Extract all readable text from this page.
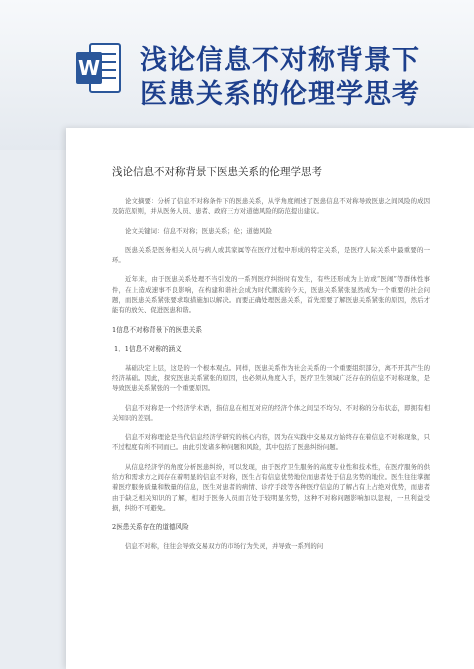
W 浅论信息不对称背景下
医患关系的伦理学思考
浅论信息不对称背景下医患关系的伦理学思考

论文摘要：分析了信息不对称条件下的医患关系，从学角度阐述了医患信息不对称导致医患之间风险的成因及防范原则，并从医务人员、患者、政府三方对道德风险的防范提出建议。

论文关键词：信息不对称；医患关系；伦；道德风险

医患关系是医务相关人员与病人或其家属等在医疗过程中形成的特定关系，是医疗人际关系中最重要的一环。

近年来，由于医患关系处理不当引发的一系列医疗纠纷时有发生，有些还形成为上访或“医闹”等群体性事件，在上造成速事不良影响，在构建和谐社会成为时代潮流的今天，医患关系紧张显然成为一个重要的社会问题，而医患关系紧张要求取措施加以解决。而要正确处理医患关系，首先需要了解医患关系紧张的原因，然后才能有的放矢、促进医患和谐。

1信息不对称背景下的医患关系
1．1信息不对称的涵义

基础决定上层，这是的一个根本观点。同样，医患关系作为社会关系的一个重要组织部分，离不开其产生的经济基础。因此，探究医患关系紧张的原因，也必须从角度入手，医疗卫生领域广泛存在的信息不对称现象，是导致医患关系紧张的一个重要原因。

信息不对称是一个经济学术语，指信息在相互对应的经济个体之间呈不均匀、不对称的分布状态，即拥有相关知识的差别。

信息不对称理论是当代信息经济学研究的核心内容，因为在实践中交易双方始终存在着信息不对称现象，只不过程度有所不同而已。由此引发诸多种问题和风险，其中包括了医患纠纷问题。

从信息经济学的角度分析医患纠纷，可以发现，由于医疗卫生服务的高度专业性和技术性，在医疗服务的供给方和需求方之间存在着明显的信息不对称，医生占有信息优势地位而患者处于信息劣势的地位。医生往往掌握着医疗服务质量和数量的信息，医生对患者的病情、诊疗手段等各种医疗信息的了解占有上占绝对优势，而患者由于缺乏相关知识的了解，相对于医务人员而言处于较明显劣势，这种不对称问题影响加以忽视，一旦利益受损，纠纷不可避免。

2医患关系存在的道德风险

信息不对称，往往会导致交易双方的市场行为失灵，并导致一系列的问
